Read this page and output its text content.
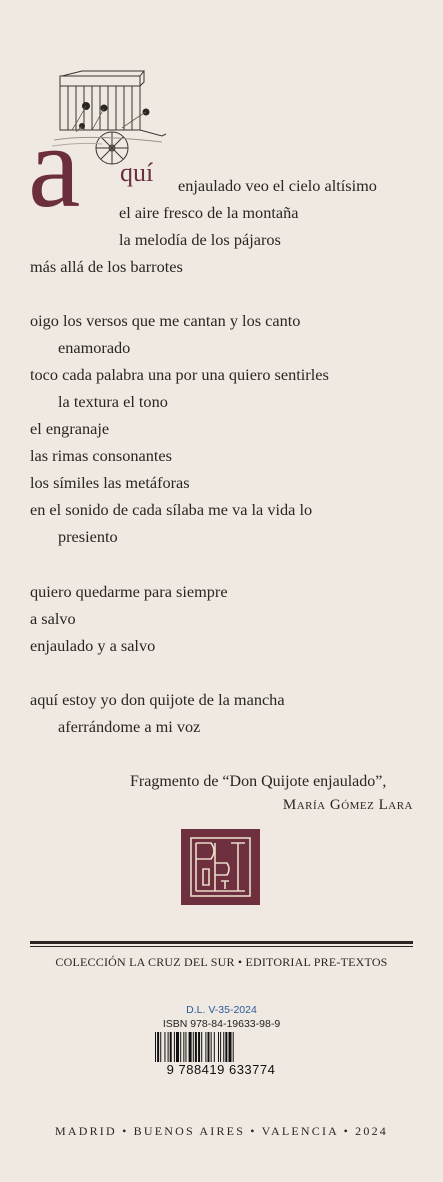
a quí enjaulado veo el cielo altísimo
el aire fresco de la montaña
la melodía de los pájaros
más allá de los barrotes
oigo los versos que me cantan y los canto
enamorado
toco cada palabra una por una quiero sentirles
la textura el tono
el engranaje
las rimas consonantes
los símiles las metáforas
en el sonido de cada sílaba me va la vida lo
presiento
quiero quedarme para siempre
a salvo
enjaulado y a salvo
aquí estoy yo don quijote de la mancha
aferrándome a mi voz
Fragmento de “Don Quijote enjaulado”,
María Gómez Lara
COLECCIÓN LA CRUZ DEL SUR • EDITORIAL PRE-TEXTOS
D.L. V-35-2024
ISBN 978-84-19633-98-9
9 788419 633774
MADRID • BUENOS AIRES • VALENCIA • 2024
